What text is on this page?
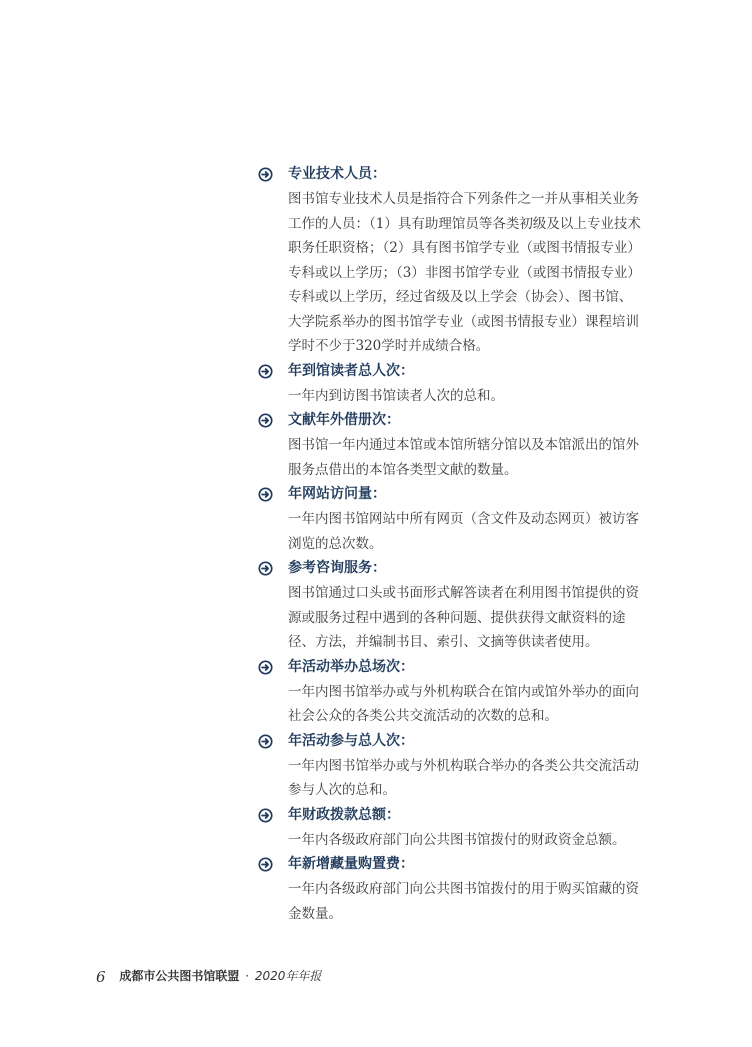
专业技术人员：
图书馆专业技术人员是指符合下列条件之一并从事相关业务
工作的人员：（1）具有助理馆员等各类初级及以上专业技术
职务任职资格；（2）具有图书馆学专业（或图书情报专业）
专科或以上学历；（3）非图书馆学专业（或图书情报专业）
专科或以上学历，经过省级及以上学会（协会）、图书馆、
大学院系举办的图书馆学专业（或图书情报专业）课程培训
学时不少于320学时并成绩合格。
年到馆读者总人次：
一年内到访图书馆读者人次的总和。
文献年外借册次：
图书馆一年内通过本馆或本馆所辖分馆以及本馆派出的馆外
服务点借出的本馆各类型文献的数量。
年网站访问量：
一年内图书馆网站中所有网页（含文件及动态网页）被访客
浏览的总次数。
参考咨询服务：
图书馆通过口头或书面形式解答读者在利用图书馆提供的资
源或服务过程中遇到的各种问题、提供获得文献资料的途
径、方法，并编制书目、索引、文摘等供读者使用。
年活动举办总场次：
一年内图书馆举办或与外机构联合在馆内或馆外举办的面向
社会公众的各类公共交流活动的次数的总和。
年活动参与总人次：
一年内图书馆举办或与外机构联合举办的各类公共交流活动
参与人次的总和。
年财政拨款总额：
一年内各级政府部门向公共图书馆拨付的财政资金总额。
年新增藏量购置费：
一年内各级政府部门向公共图书馆拨付的用于购买馆藏的资
金数量。
6 成都市公共图书馆联盟 · 2020年年报
